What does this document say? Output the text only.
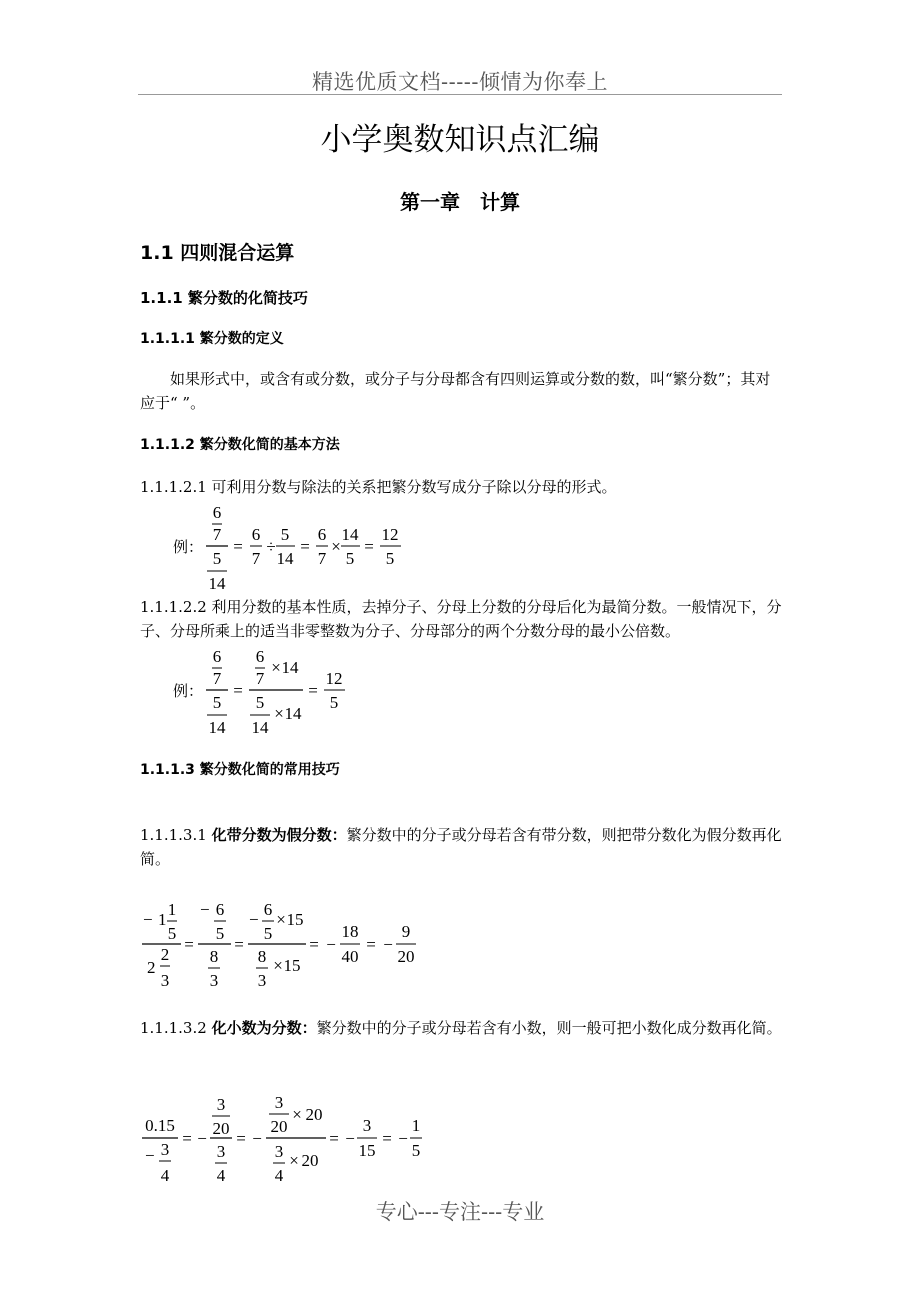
精选优质文档-----倾情为你奉上
小学奥数知识点汇编
第一章　计算
1.1 四则混合运算
1.1.1 繁分数的化简技巧
1.1.1.1 繁分数的定义
如果形式中，或含有或分数，或分子与分母都含有四则运算或分数的数，叫“繁分数”；其对应于“ ”。
1.1.1.2 繁分数化简的基本方法
1.1.1.2.1 可利用分数与除法的关系把繁分数写成分子除以分母的形式。
例：
6
7
5
14
=
6
7
÷
5
14
=
6
7
×
14
5
=
12
5
1.1.1.2.2 利用分数的基本性质，去掉分子、分母上分数的分母后化为最简分数。一般情况下，分子、分母所乘上的适当非零整数为分子、分母部分的两个分数分母的最小公倍数。
例：
6
7
5
14
=
6
7
× 14
5
14
× 14
=
12
5
1.1.1.3 繁分数化简的常用技巧
1.1.1.3.1 化带分数为假分数：繁分数中的分子或分母若含有带分数，则把带分数化为假分数再化简。
− 1
1
5
2
2
3
=
− 6
5
8
3
=
−
6
5
× 15
8
3
× 15
= −
18
40
= −
9
20
1.1.1.3.2 化小数为分数：繁分数中的分子或分母若含有小数，则一般可把小数化成分数再化简。
0.15
− 3
4
= −
3
20
3
4
= −
3
20
× 20
3
4
× 20
= −
3
15
= −
1
5
专心---专注---专业
